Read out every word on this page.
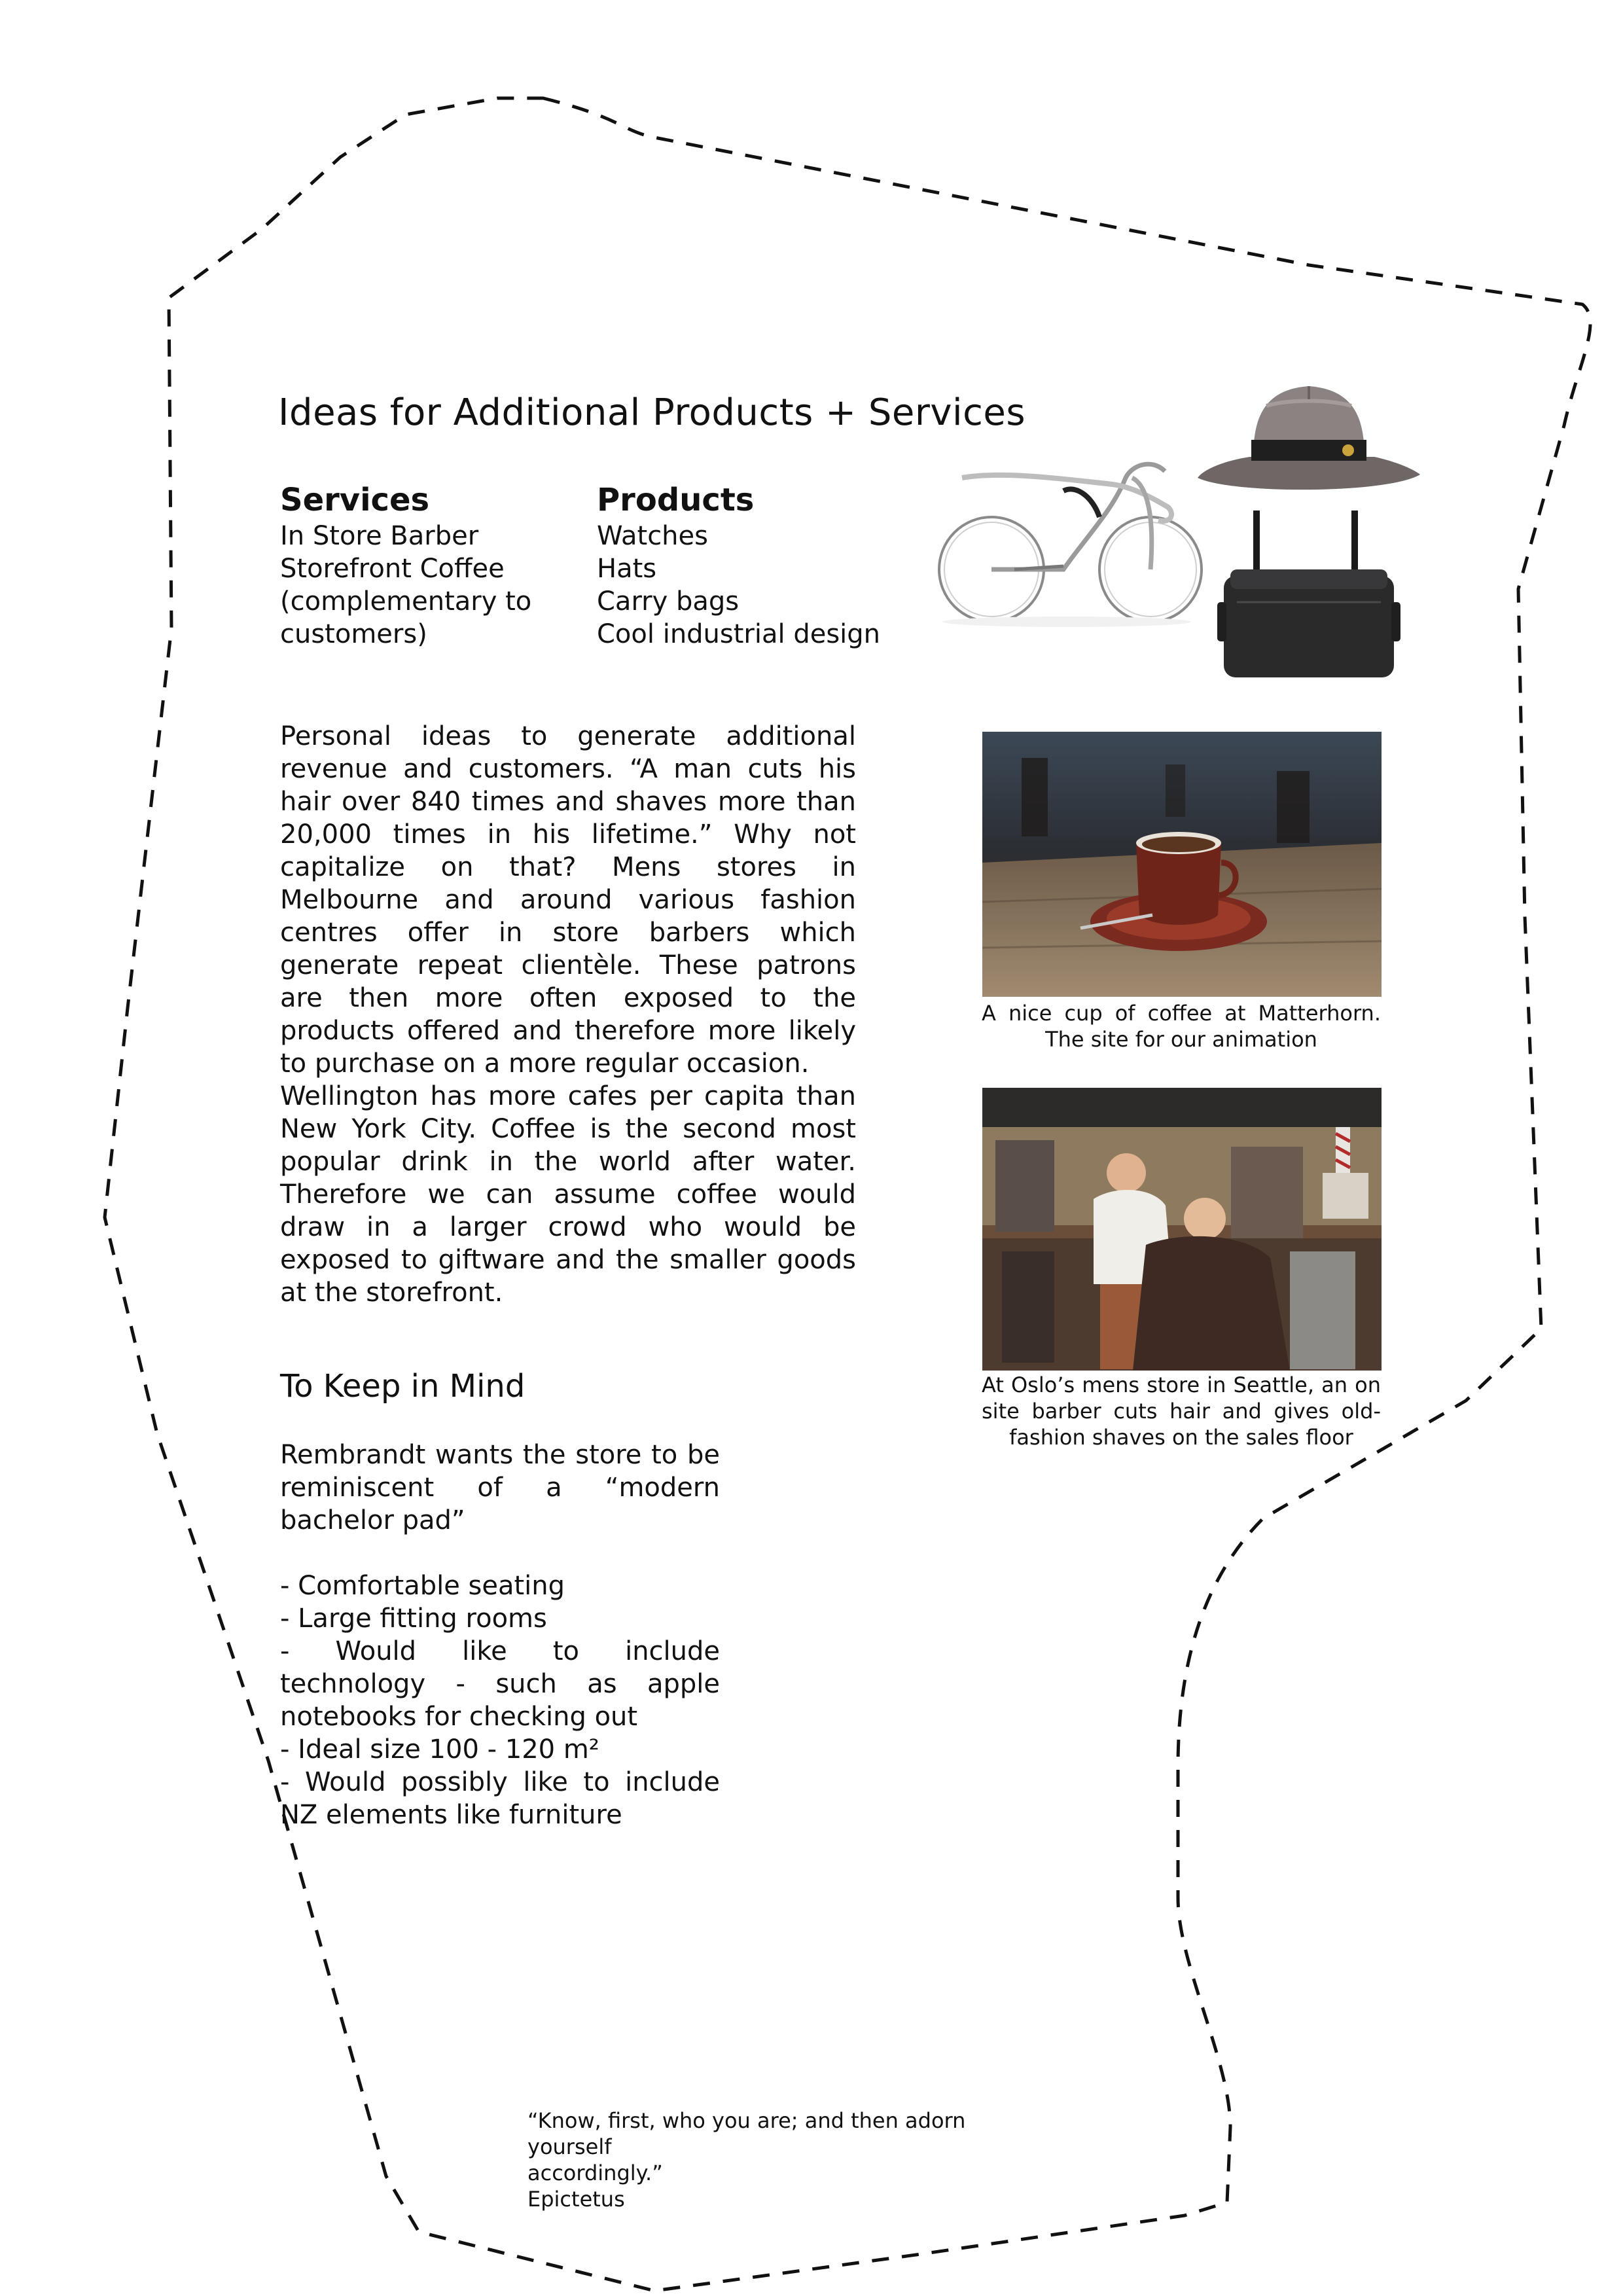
Ideas for Additional Products + Services
Services
In Store Barber
Storefront Coffee
(complementary to
customers)
Products
Watches
Hats
Carry bags
Cool industrial design
Personal ideas to generate additional revenue and customers. “A man cuts his hair over 840 times and shaves more than 20,000 times in his lifetime.” Why not capitalize on that? Mens stores in Melbourne and around various fashion centres offer in store barbers which generate repeat clientèle. These patrons are then more often exposed to the products offered and therefore more likely to purchase on a more regular occasion.
A nice cup of coffee at Matterhorn. The site for our animation
Wellington has more cafes per capita than New York City. Coffee is the second most popular drink in the world after water. Therefore we can assume coffee would draw in a larger crowd who would be exposed to giftware and the smaller goods at the storefront.
At Oslo’s mens store in Seattle, an on site barber cuts hair and gives old-fashion shaves on the sales floor
To Keep in Mind
Rembrandt wants the store to be reminiscent of a “modern bachelor pad”
- Comfortable seating
- Large fitting rooms
- Would like to include technology - such as apple notebooks for checking out
- Ideal size 100 - 120 m²
- Would possibly like to include NZ elements like furniture
“Know, first, who you are; and then adorn yourself
accordingly.”
Epictetus
